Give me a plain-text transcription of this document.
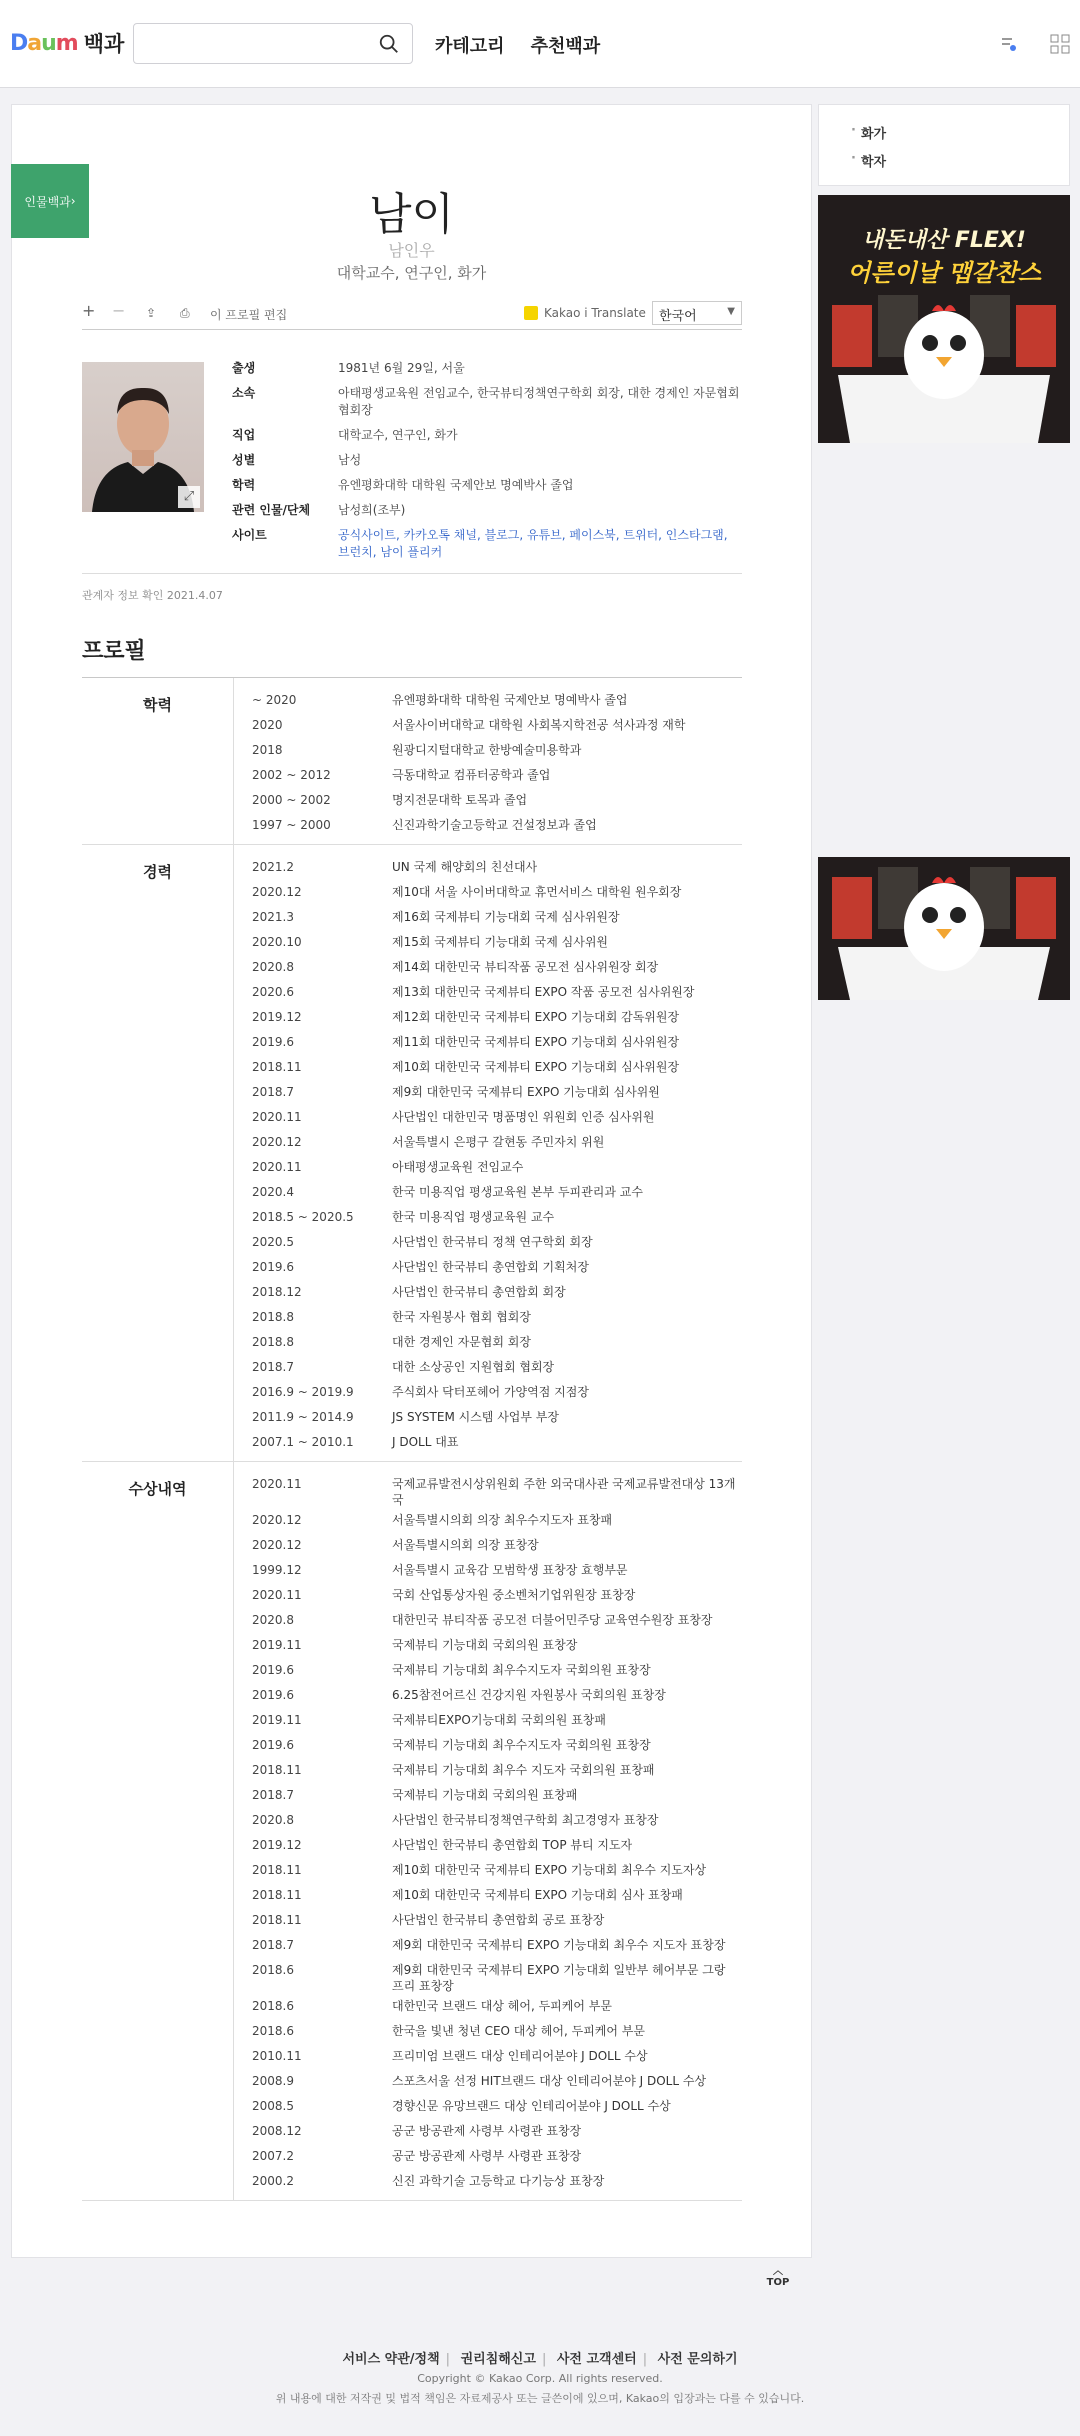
Daum 백과	카테고리 추천백과
인물백과 ›	남이
남인우
대학교수, 연구인, 화가
+ − ⇪ ⎙ 이 프로필 편집	Kakao i Translate	한국어	▼
⤢
출생	1981년 6월 29일, 서울
소속	아태평생교육원 전임교수, 한국뷰티정책연구학회 회장, 대한 경제인 자문협회 협회장
직업	대학교수, 연구인, 화가
성별	남성
학력	유엔평화대학 대학원 국제안보 명예박사 졸업
관련 인물/단체	남성희(조부)
사이트	공식사이트, 카카오톡 채널, 블로그, 유튜브, 페이스북, 트위터, 인스타그램, 브런치, 남이 플리커
관계자 정보 확인 2021.4.07
프로필
학력	~ 2020	유엔평화대학 대학원 국제안보 명예박사 졸업
2020	서울사이버대학교 대학원 사회복지학전공 석사과정 재학
2018	원광디지털대학교 한방예술미용학과
2002 ~ 2012	극동대학교 컴퓨터공학과 졸업
2000 ~ 2002	명지전문대학 토목과 졸업
1997 ~ 2000	신진과학기술고등학교 건설정보과 졸업
경력	2021.2	UN 국제 해양회의 친선대사
2020.12	제10대 서울 사이버대학교 휴먼서비스 대학원 원우회장
2021.3	제16회 국제뷰티 기능대회 국제 심사위원장
2020.10	제15회 국제뷰티 기능대회 국제 심사위원
2020.8	제14회 대한민국 뷰티작품 공모전 심사위원장 회장
2020.6	제13회 대한민국 국제뷰티 EXPO 작품 공모전 심사위원장
2019.12	제12회 대한민국 국제뷰티 EXPO 기능대회 감독위원장
2019.6	제11회 대한민국 국제뷰티 EXPO 기능대회 심사위원장
2018.11	제10회 대한민국 국제뷰티 EXPO 기능대회 심사위원장
2018.7	제9회 대한민국 국제뷰티 EXPO 기능대회 심사위원
2020.11	사단법인 대한민국 명품명인 위원회 인증 심사위원
2020.12	서울특별시 은평구 갈현동 주민자치 위원
2020.11	아태평생교육원 전임교수
2020.4	한국 미용직업 평생교육원 본부 두피관리과 교수
2018.5 ~ 2020.5	한국 미용직업 평생교육원 교수
2020.5	사단법인 한국뷰티 정책 연구학회 회장
2019.6	사단법인 한국뷰티 총연합회 기획처장
2018.12	사단법인 한국뷰티 총연합회 회장
2018.8	한국 자원봉사 협회 협회장
2018.8	대한 경제인 자문협회 회장
2018.7	대한 소상공인 지원협회 협회장
2016.9 ~ 2019.9	주식회사 닥터포헤어 가양역점 지점장
2011.9 ~ 2014.9	JS SYSTEM 시스템 사업부 부장
2007.1 ~ 2010.1	J DOLL 대표
수상내역	2020.11	국제교류발전시상위원회 주한 외국대사관 국제교류발전대상 13개국
2020.12	서울특별시의회 의장 최우수지도자 표창패
2020.12	서울특별시의회 의장 표창장
1999.12	서울특별시 교육감 모범학생 표창장 효행부문
2020.11	국회 산업통상자원 중소벤처기업위원장 표창장
2020.8	대한민국 뷰티작품 공모전 더불어민주당 교육연수원장 표창장
2019.11	국제뷰티 기능대회 국회의원 표창장
2019.6	국제뷰티 기능대회 최우수지도자 국회의원 표창장
2019.6	6.25참전어르신 건강지원 자원봉사 국회의원 표창장
2019.11	국제뷰티EXPO기능대회 국회의원 표창패
2019.6	국제뷰티 기능대회 최우수지도자 국회의원 표창장
2018.11	국제뷰티 기능대회 최우수 지도자 국회의원 표창패
2018.7	국제뷰티 기능대회 국회의원 표창패
2020.8	사단법인 한국뷰티정책연구학회 최고경영자 표창장
2019.12	사단법인 한국뷰티 총연합회 TOP 뷰티 지도자
2018.11	제10회 대한민국 국제뷰티 EXPO 기능대회 최우수 지도자상
2018.11	제10회 대한민국 국제뷰티 EXPO 기능대회 심사 표창패
2018.11	사단법인 한국뷰티 총연합회 공로 표창장
2018.7	제9회 대한민국 국제뷰티 EXPO 기능대회 최우수 지도자 표창장
2018.6	제9회 대한민국 국제뷰티 EXPO 기능대회 일반부 헤어부문 그랑프리 표창장
2018.6	대한민국 브랜드 대상 헤어, 두피케어 부문
2018.6	한국을 빛낸 청년 CEO 대상 헤어, 두피케어 부문
2010.11	프리미엄 브랜드 대상 인테리어분야 J DOLL 수상
2008.9	스포츠서울 선정 HIT브랜드 대상 인테리어분야 J DOLL 수상
2008.5	경향신문 유망브랜드 대상 인테리어분야 J DOLL 수상
2008.12	공군 방공관제 사령부 사령관 표창장
2007.2	공군 방공관제 사령부 사령관 표창장
2000.2	신진 과학기술 고등학교 다기능상 표창장
︿
TOP
· 화가
· 학자
내돈내산 FLEX!
어른이날 맵갈찬스
서비스 약관/정책 | 권리침해신고 | 사전 고객센터 | 사전 문의하기
Copyright © Kakao Corp. All rights reserved.
위 내용에 대한 저작권 및 법적 책임은 자료제공사 또는 글쓴이에 있으며, Kakao의 입장과는 다를 수 있습니다.
